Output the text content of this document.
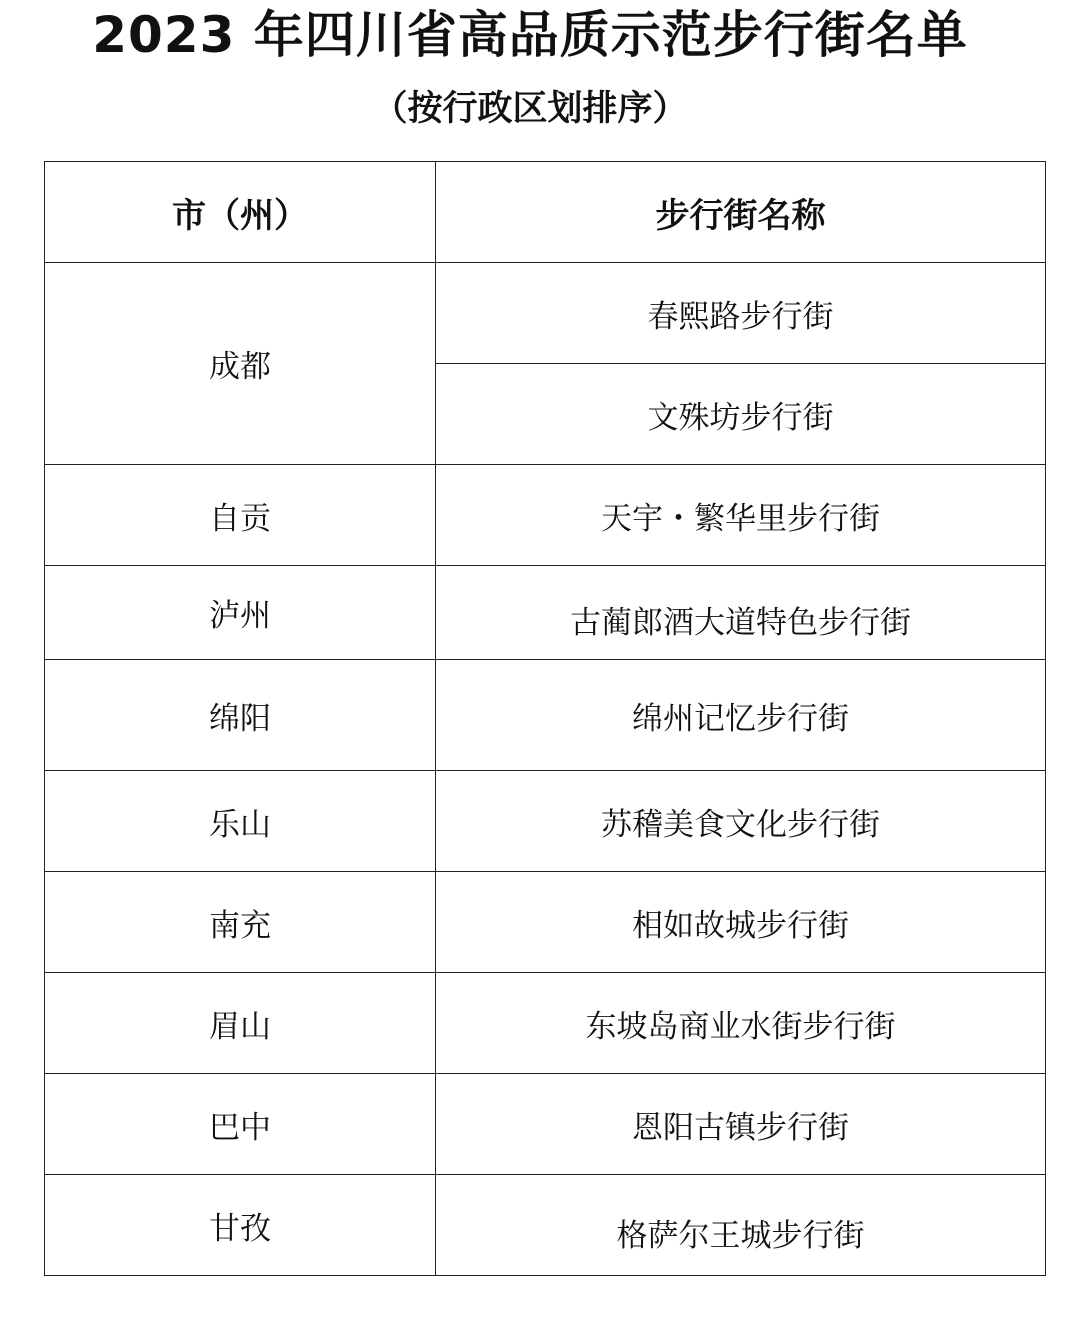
2023 年四川省高品质示范步行街名单
（按行政区划排序）
市（州）	步行街名称
成都	春熙路步行街
	文殊坊步行街
自贡	天宇・繁华里步行街
泸州	古蔺郎酒大道特色步行街

绵阳	绵州记忆步行街
乐山	苏稽美食文化步行街
南充	相如故城步行街
眉山	东坡岛商业水街步行街
巴中	恩阳古镇步行街
甘孜	格萨尔王城步行街
